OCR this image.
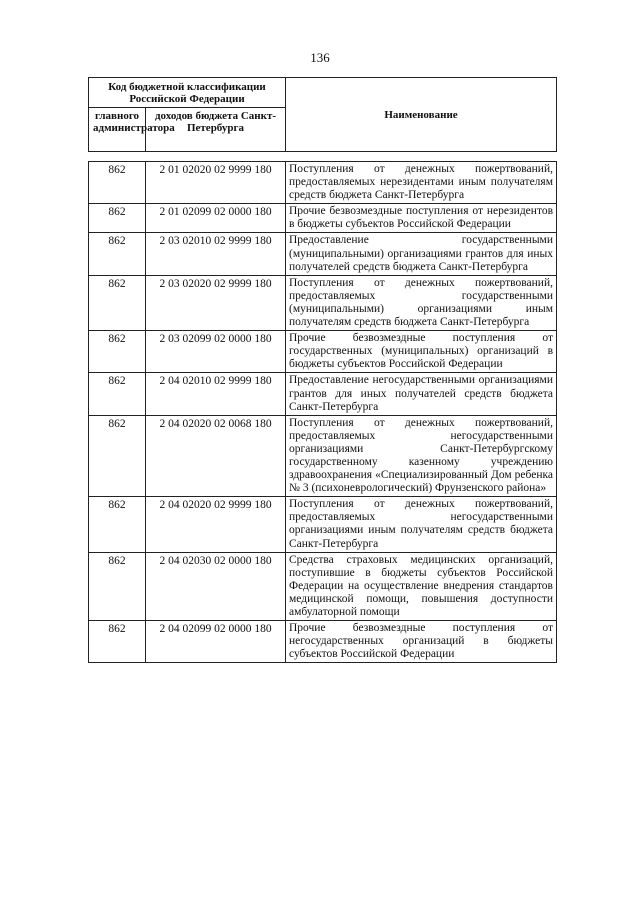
136
Код бюджетной классификации Российской Федерации		Наименование
главного администратора	доходов бюджета Санкт-Петербурга	
862	2 01 02020 02 9999 180	Поступления от денежных пожертвований, предоставляемых нерезидентами иным получателям средств бюджета Санкт-Петербурга
862	2 01 02099 02 0000 180	Прочие безвозмездные поступления от нерезидентов в бюджеты субъектов Российской Федерации
862	2 03 02010 02 9999 180	Предоставление государственными (муниципальными) организациями грантов для иных получателей средств бюджета Санкт-Петербурга
862	2 03 02020 02 9999 180	Поступления от денежных пожертвований, предоставляемых государственными (муниципальными) организациями иным получателям средств бюджета Санкт-Петербурга
862	2 03 02099 02 0000 180	Прочие безвозмездные поступления от государственных (муниципальных) организаций в бюджеты субъектов Российской Федерации
862	2 04 02010 02 9999 180	Предоставление негосударственными организациями грантов для иных получателей средств бюджета Санкт-Петербурга
862	2 04 02020 02 0068 180	Поступления от денежных пожертвований, предоставляемых негосударственными организациями Санкт-Петербургскому государственному казенному учреждению здравоохранения «Специализированный Дом ребенка № 3 (психоневрологический) Фрунзенского района»
862	2 04 02020 02 9999 180	Поступления от денежных пожертвований, предоставляемых негосударственными организациями иным получателям средств бюджета Санкт-Петербурга
862	2 04 02030 02 0000 180	Средства страховых медицинских организаций, поступившие в бюджеты субъектов Российской Федерации на осуществление внедрения стандартов медицинской помощи, повышения доступности амбулаторной помощи
862	2 04 02099 02 0000 180	Прочие безвозмездные поступления от негосударственных организаций в бюджеты субъектов Российской Федерации
